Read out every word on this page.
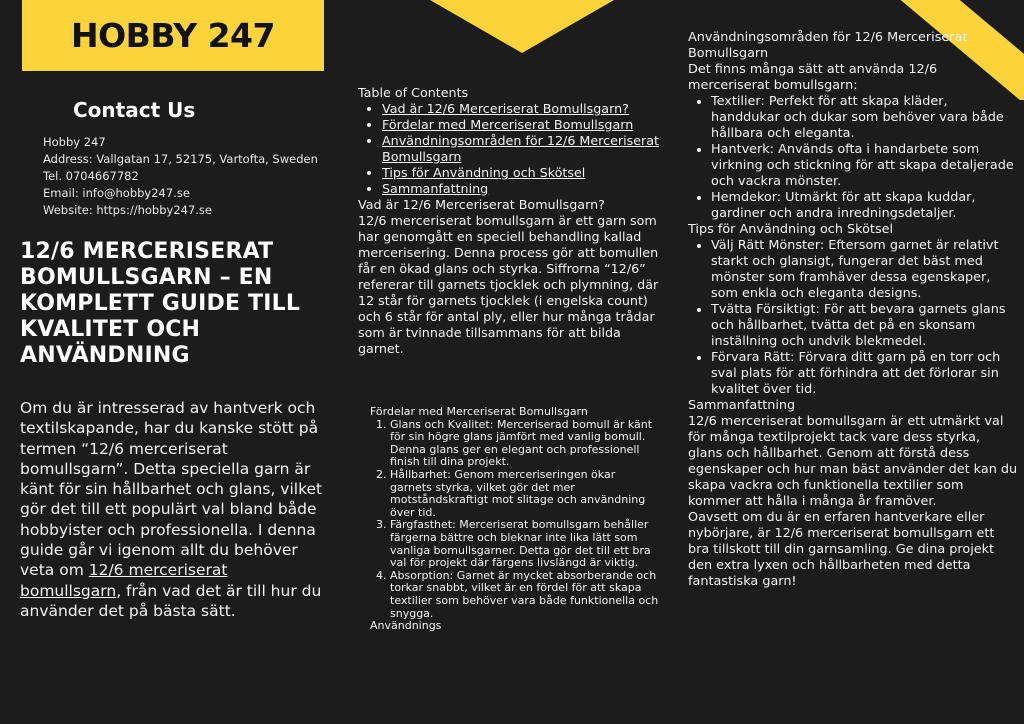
HOBBY 247
Contact Us
Hobby 247
Address: Vallgatan 17, 52175, Vartofta, Sweden
Tel. 0704667782
Email: info@hobby247.se
Website: https://hobby247.se
12/6 MERCERISERAT BOMULLSGARN – EN KOMPLETT GUIDE TILL KVALITET OCH ANVÄNDNING
Om du är intresserad av hantverk och textilskapande, har du kanske stött på termen “12/6 merceriserat bomullsgarn”. Detta speciella garn är känt för sin hållbarhet och glans, vilket gör det till ett populärt val bland både hobbyister och professionella. I denna guide går vi igenom allt du behöver veta om 12/6 merceriserat bomullsgarn, från vad det är till hur du använder det på bästa sätt.

Table of Contents

• Vad är 12/6 Merceriserat Bomullsgarn?
• Fördelar med Merceriserat Bomullsgarn
• Användningsområden för 12/6 Merceriserat Bomullsgarn
• Tips för Användning och Skötsel
• Sammanfattning

Vad är 12/6 Merceriserat Bomullsgarn?

12/6 merceriserat bomullsgarn är ett garn som har genomgått en speciell behandling kallad mercerisering. Denna process gör att bomullen får en ökad glans och styrka. Siffrorna “12/6” refererar till garnets tjocklek och plymning, där 12 står för garnets tjocklek (i engelska count) och 6 står för antal ply, eller hur många trådar som är tvinnade tillsammans för att bilda garnet.

Fördelar med Merceriserat Bomullsgarn

1. Glans och Kvalitet: Merceriserad bomull är känt för sin högre glans jämfört med vanlig bomull. Denna glans ger en elegant och professionell finish till dina projekt.
2. Hållbarhet: Genom merceriseringen ökar garnets styrka, vilket gör det mer motståndskraftigt mot slitage och användning över tid.
3. Färgfasthet: Merceriserat bomullsgarn behåller färgerna bättre och bleknar inte lika lätt som vanliga bomullsgarner. Detta gör det till ett bra val för projekt där färgens livslängd är viktig.
4. Absorption: Garnet är mycket absorberande och torkar snabbt, vilket är en fördel för att skapa textilier som behöver vara både funktionella och snygga.

Användnings

Användningsområden för 12/6 Merceriserat Bomullsgarn

Det finns många sätt att använda 12/6 merceriserat bomullsgarn:

• Textilier: Perfekt för att skapa kläder, handdukar och dukar som behöver vara både hållbara och eleganta.
• Hantverk: Används ofta i handarbete som virkning och stickning för att skapa detaljerade och vackra mönster.
• Hemdekor: Utmärkt för att skapa kuddar, gardiner och andra inredningsdetaljer.

Tips för Användning och Skötsel

• Välj Rätt Mönster: Eftersom garnet är relativt starkt och glansigt, fungerar det bäst med mönster som framhäver dessa egenskaper, som enkla och eleganta designs.
• Tvätta Försiktigt: För att bevara garnets glans och hållbarhet, tvätta det på en skonsam inställning och undvik blekmedel.
• Förvara Rätt: Förvara ditt garn på en torr och sval plats för att förhindra att det förlorar sin kvalitet över tid.

Sammanfattning

12/6 merceriserat bomullsgarn är ett utmärkt val för många textilprojekt tack vare dess styrka, glans och hållbarhet. Genom att förstå dess egenskaper och hur man bäst använder det kan du skapa vackra och funktionella textilier som kommer att hålla i många år framöver.

Oavsett om du är en erfaren hantverkare eller nybörjare, är 12/6 merceriserat bomullsgarn ett bra tillskott till din garnsamling. Ge dina projekt den extra lyxen och hållbarheten med detta fantastiska garn!
